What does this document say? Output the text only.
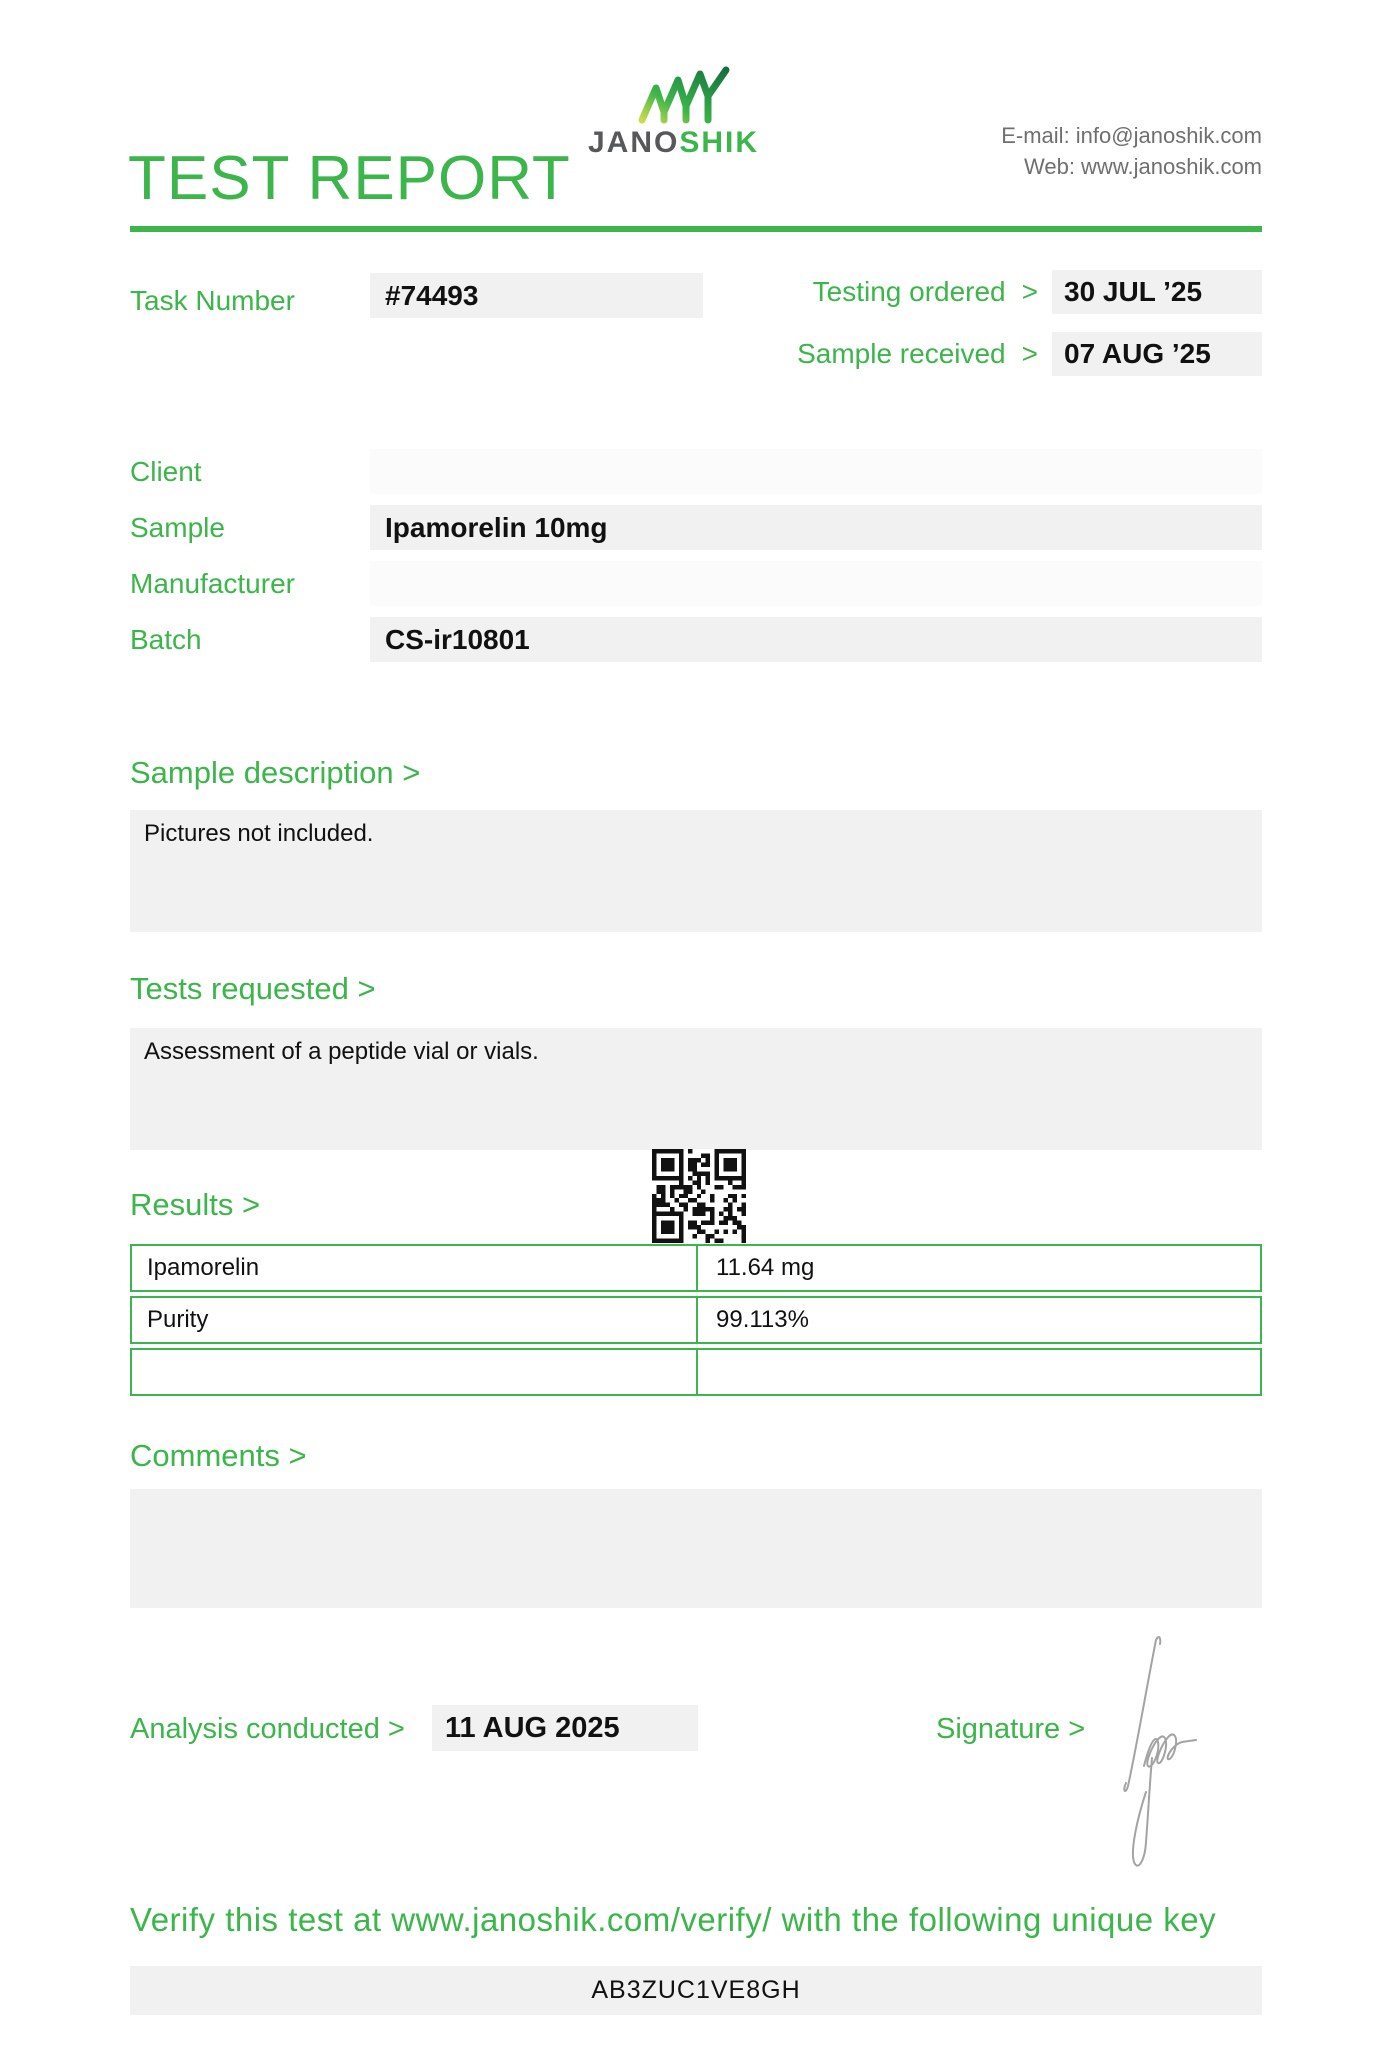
TEST REPORT
JANOSHIK	E-mail: info@janoshik.com
Web: www.janoshik.com
Task Number	#74493	Testing ordered > 30 JUL ’25
Sample received > 07 AUG ’25
Client
Sample	Ipamorelin 10mg
Manufacturer
Batch	CS-ir10801
Sample description >
Pictures not included.
Tests requested >
Assessment of a peptide vial or vials.
Results >
Ipamorelin	11.64 mg
Purity	99.113%
Comments >
Analysis conducted >	11 AUG 2025	Signature >
Verify this test at www.janoshik.com/verify/ with the following unique key
AB3ZUC1VE8GH
